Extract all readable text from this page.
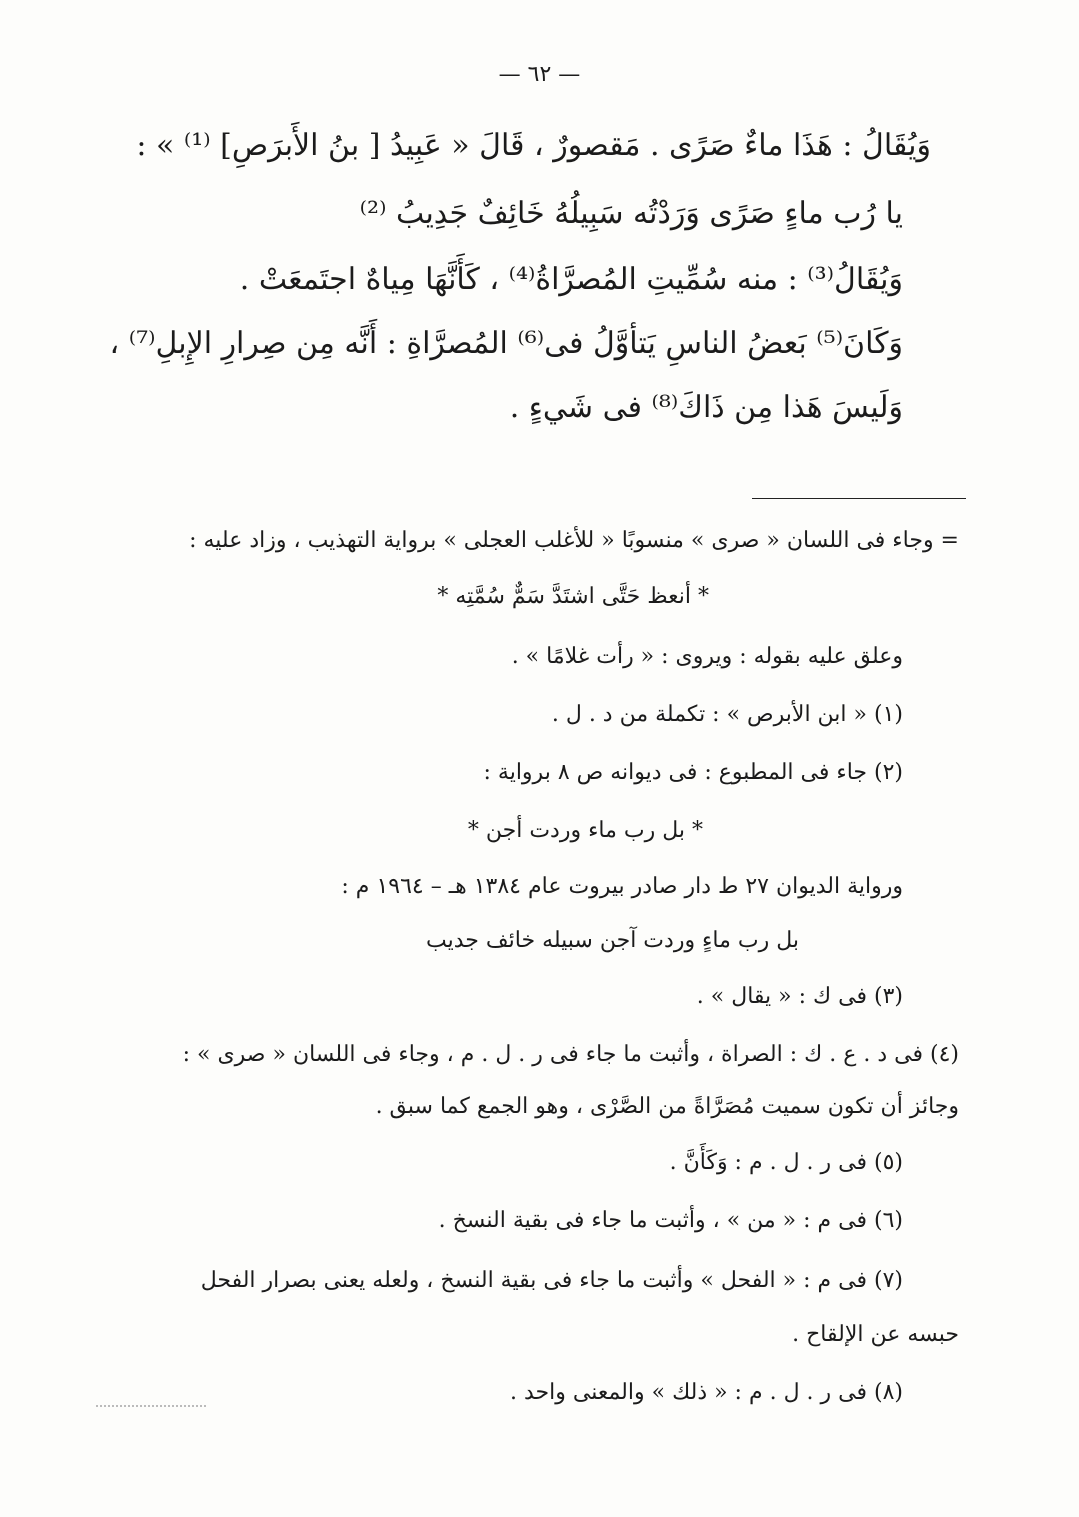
— ٦٢ —
وَيُقَالُ : هَذَا ماءٌ صَرًى . مَقصورٌ ، قَالَ « عَبِيدُ [ بنُ الأَبرَصِ] ⁽¹⁾ » :
يا رُب ماءٍ صَرًى وَرَدْتُه سَبِيلُهُ خَائِفٌ جَدِيبُ ⁽²⁾
وَيُقَالُ⁽³⁾ : منه سُمِّيتِ المُصرَّاةُ⁽⁴⁾ ، كَأَنَّهَا مِياهٌ اجتَمعَتْ .
وَكَانَ⁽⁵⁾ بَعضُ الناسِ يَتأوَّلُ فى⁽⁶⁾ المُصرَّاةِ : أَنَّه مِن صِرارِ الإِبلِ⁽⁷⁾ ،
وَلَيسَ هَذا مِن ذَاكَ⁽⁸⁾ فى شَيءٍ .
= وجاء فى اللسان « صرى » منسوبًا « للأغلب العجلى » برواية التهذيب ، وزاد عليه :
* أنعظ حَتَّى اشتَدَّ سَمٌّ سُمَّتِه *
وعلق عليه بقوله : ويروى : « رأت غلامًا » .
(١) « ابن الأبرص » : تكملة من د . ل .
(٢) جاء فى المطبوع : فى ديوانه ص ٨ برواية :
* بل رب ماء وردت أجن *
ورواية الديوان ٢٧ ط دار صادر بيروت عام ١٣٨٤ هـ – ١٩٦٤ م :
بل رب ماءٍ وردت آجن سبيله خائف جديب
(٣) فى ك : « يقال » .
(٤) فى د . ع . ك : الصراة ، وأثبت ما جاء فى ر . ل . م ، وجاء فى اللسان « صرى » :
وجائز أن تكون سميت مُصَرَّاةً من الصَّرْى ، وهو الجمع كما سبق .
(٥) فى ر . ل . م : وَكَأَنَّ .
(٦) فى م : « من » ، وأثبت ما جاء فى بقية النسخ .
(٧) فى م : « الفحل » وأثبت ما جاء فى بقية النسخ ، ولعله يعنى بصرار الفحل
حبسه عن الإلقاح .
(٨) فى ر . ل . م : « ذلك » والمعنى واحد .
